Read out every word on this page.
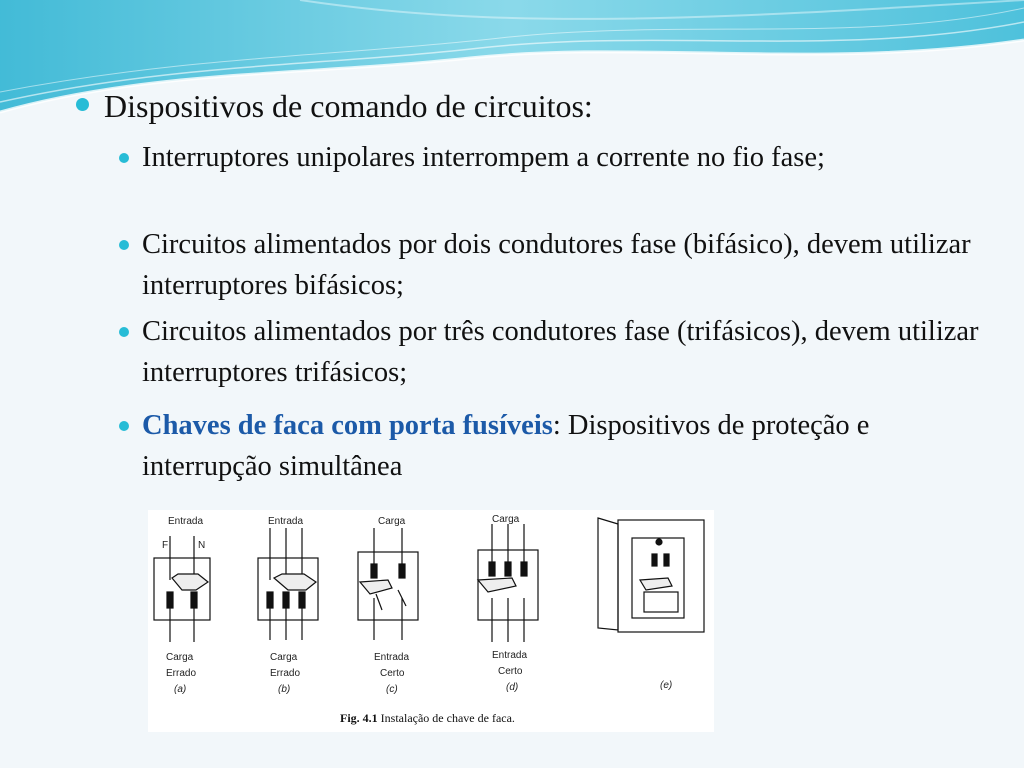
Dispositivos de comando de circuitos:

Interruptores unipolares interrompem a corrente no fio fase;
Circuitos alimentados por dois condutores fase (bifásico), devem utilizar interruptores bifásicos;
Circuitos alimentados por três condutores fase (trifásicos), devem utilizar interruptores trifásicos;
Chaves de faca com porta fusíveis: Dispositivos de proteção e interrupção simultânea
Entrada
F	N
Carga
Errado
(a)
Entrada
Carga
Errado
(b)
Carga
Entrada
Certo
(c)
Carga
Entrada
Certo
(d)	(e)
Fig. 4.1 Instalação de chave de faca.
